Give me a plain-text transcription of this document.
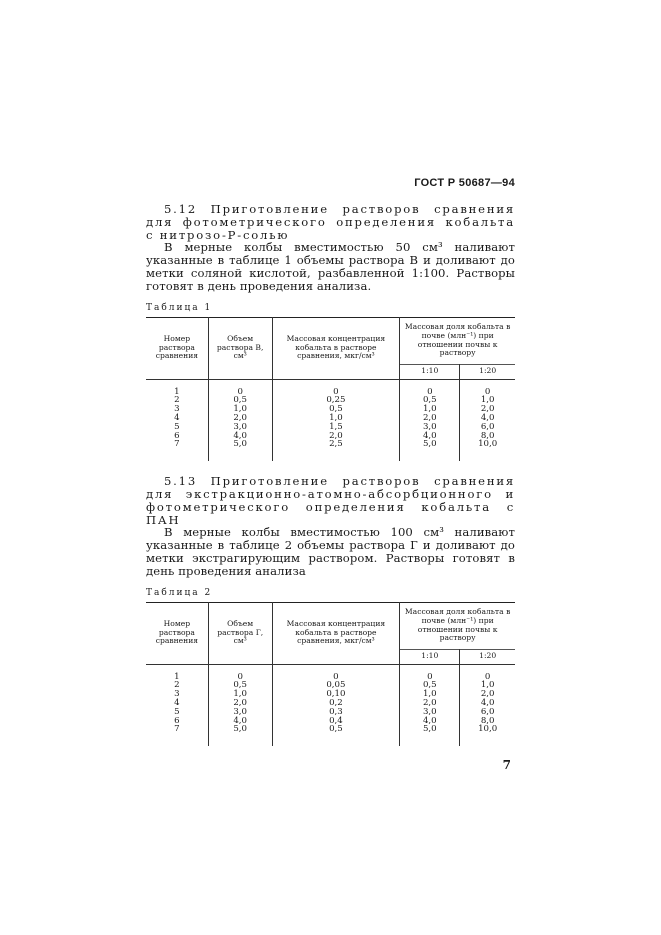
ГОСТ Р 50687—94
5.12 Приготовление растворов сравнения для фотометрического определения кобальта с нитрозо-Р-солью
В мерные колбы вместимостью 50 см³ наливают указанные в таблице 1 объемы раствора В и доливают до метки соляной кислотой, разбавленной 1:100. Растворы готовят в день проведения анализа.
Таблица 1
Номер раствора сравнения	Объем раствора В, см³	Массовая концентрация кобальта в растворе сравнения, мкг/см³	Массовая доля кобальта в почве (млн⁻¹) при отношении почвы к раствору	
			1:10	1:20
1	0	0	0	0
2	0,5	0,25	0,5	1,0
3	1,0	0,5	1,0	2,0
4	2,0	1,0	2,0	4,0
5	3,0	1,5	3,0	6,0
6	4,0	2,0	4,0	8,0
7	5,0	2,5	5,0	10,0
5.13 Приготовление растворов сравнения для экстракционно-атомно-абсорбционного и фотометрического определения кобальта с ПАН
В мерные колбы вместимостью 100 см³ наливают указанные в таблице 2 объемы раствора Г и доливают до метки экстрагирующим раствором. Растворы готовят в день проведения анализа
Таблица 2
Номер раствора сравнения	Объем раствора Г, см³	Массовая концентрация кобальта в растворе сравнения, мкг/см³	Массовая доля кобальта в почве (млн⁻¹) при отношении почвы к раствору	
			1:10	1:20
1	0	0	0	0
2	0,5	0,05	0,5	1,0
3	1,0	0,10	1,0	2,0
4	2,0	0,2	2,0	4,0
5	3,0	0,3	3,0	6,0
6	4,0	0,4	4,0	8,0
7	5,0	0,5	5,0	10,0
7
